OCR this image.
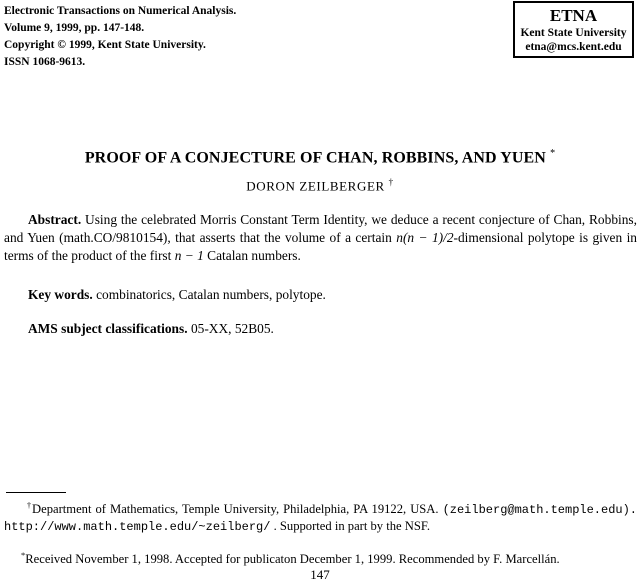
Electronic Transactions on Numerical Analysis.
Volume 9, 1999, pp. 147-148.
Copyright © 1999, Kent State University.
ISSN 1068-9613.
ETNA
Kent State University
etna@mcs.kent.edu
PROOF OF A CONJECTURE OF CHAN, ROBBINS, AND YUEN *
DORON ZEILBERGER †
Abstract. Using the celebrated Morris Constant Term Identity, we deduce a recent conjecture of Chan, Robbins, and Yuen (math.CO/9810154), that asserts that the volume of a certain n(n − 1)/2-dimensional polytope is given in terms of the product of the first n − 1 Catalan numbers.
Key words. combinatorics, Catalan numbers, polytope.
AMS subject classifications. 05-XX, 52B05.
†Department of Mathematics, Temple University, Philadelphia, PA 19122, USA. (zeilberg@math.temple.edu). http://www.math.temple.edu/~zeilberg/ . Supported in part by the NSF.
*Received November 1, 1998. Accepted for publicaton December 1, 1999. Recommended by F. Marcellán.
147
